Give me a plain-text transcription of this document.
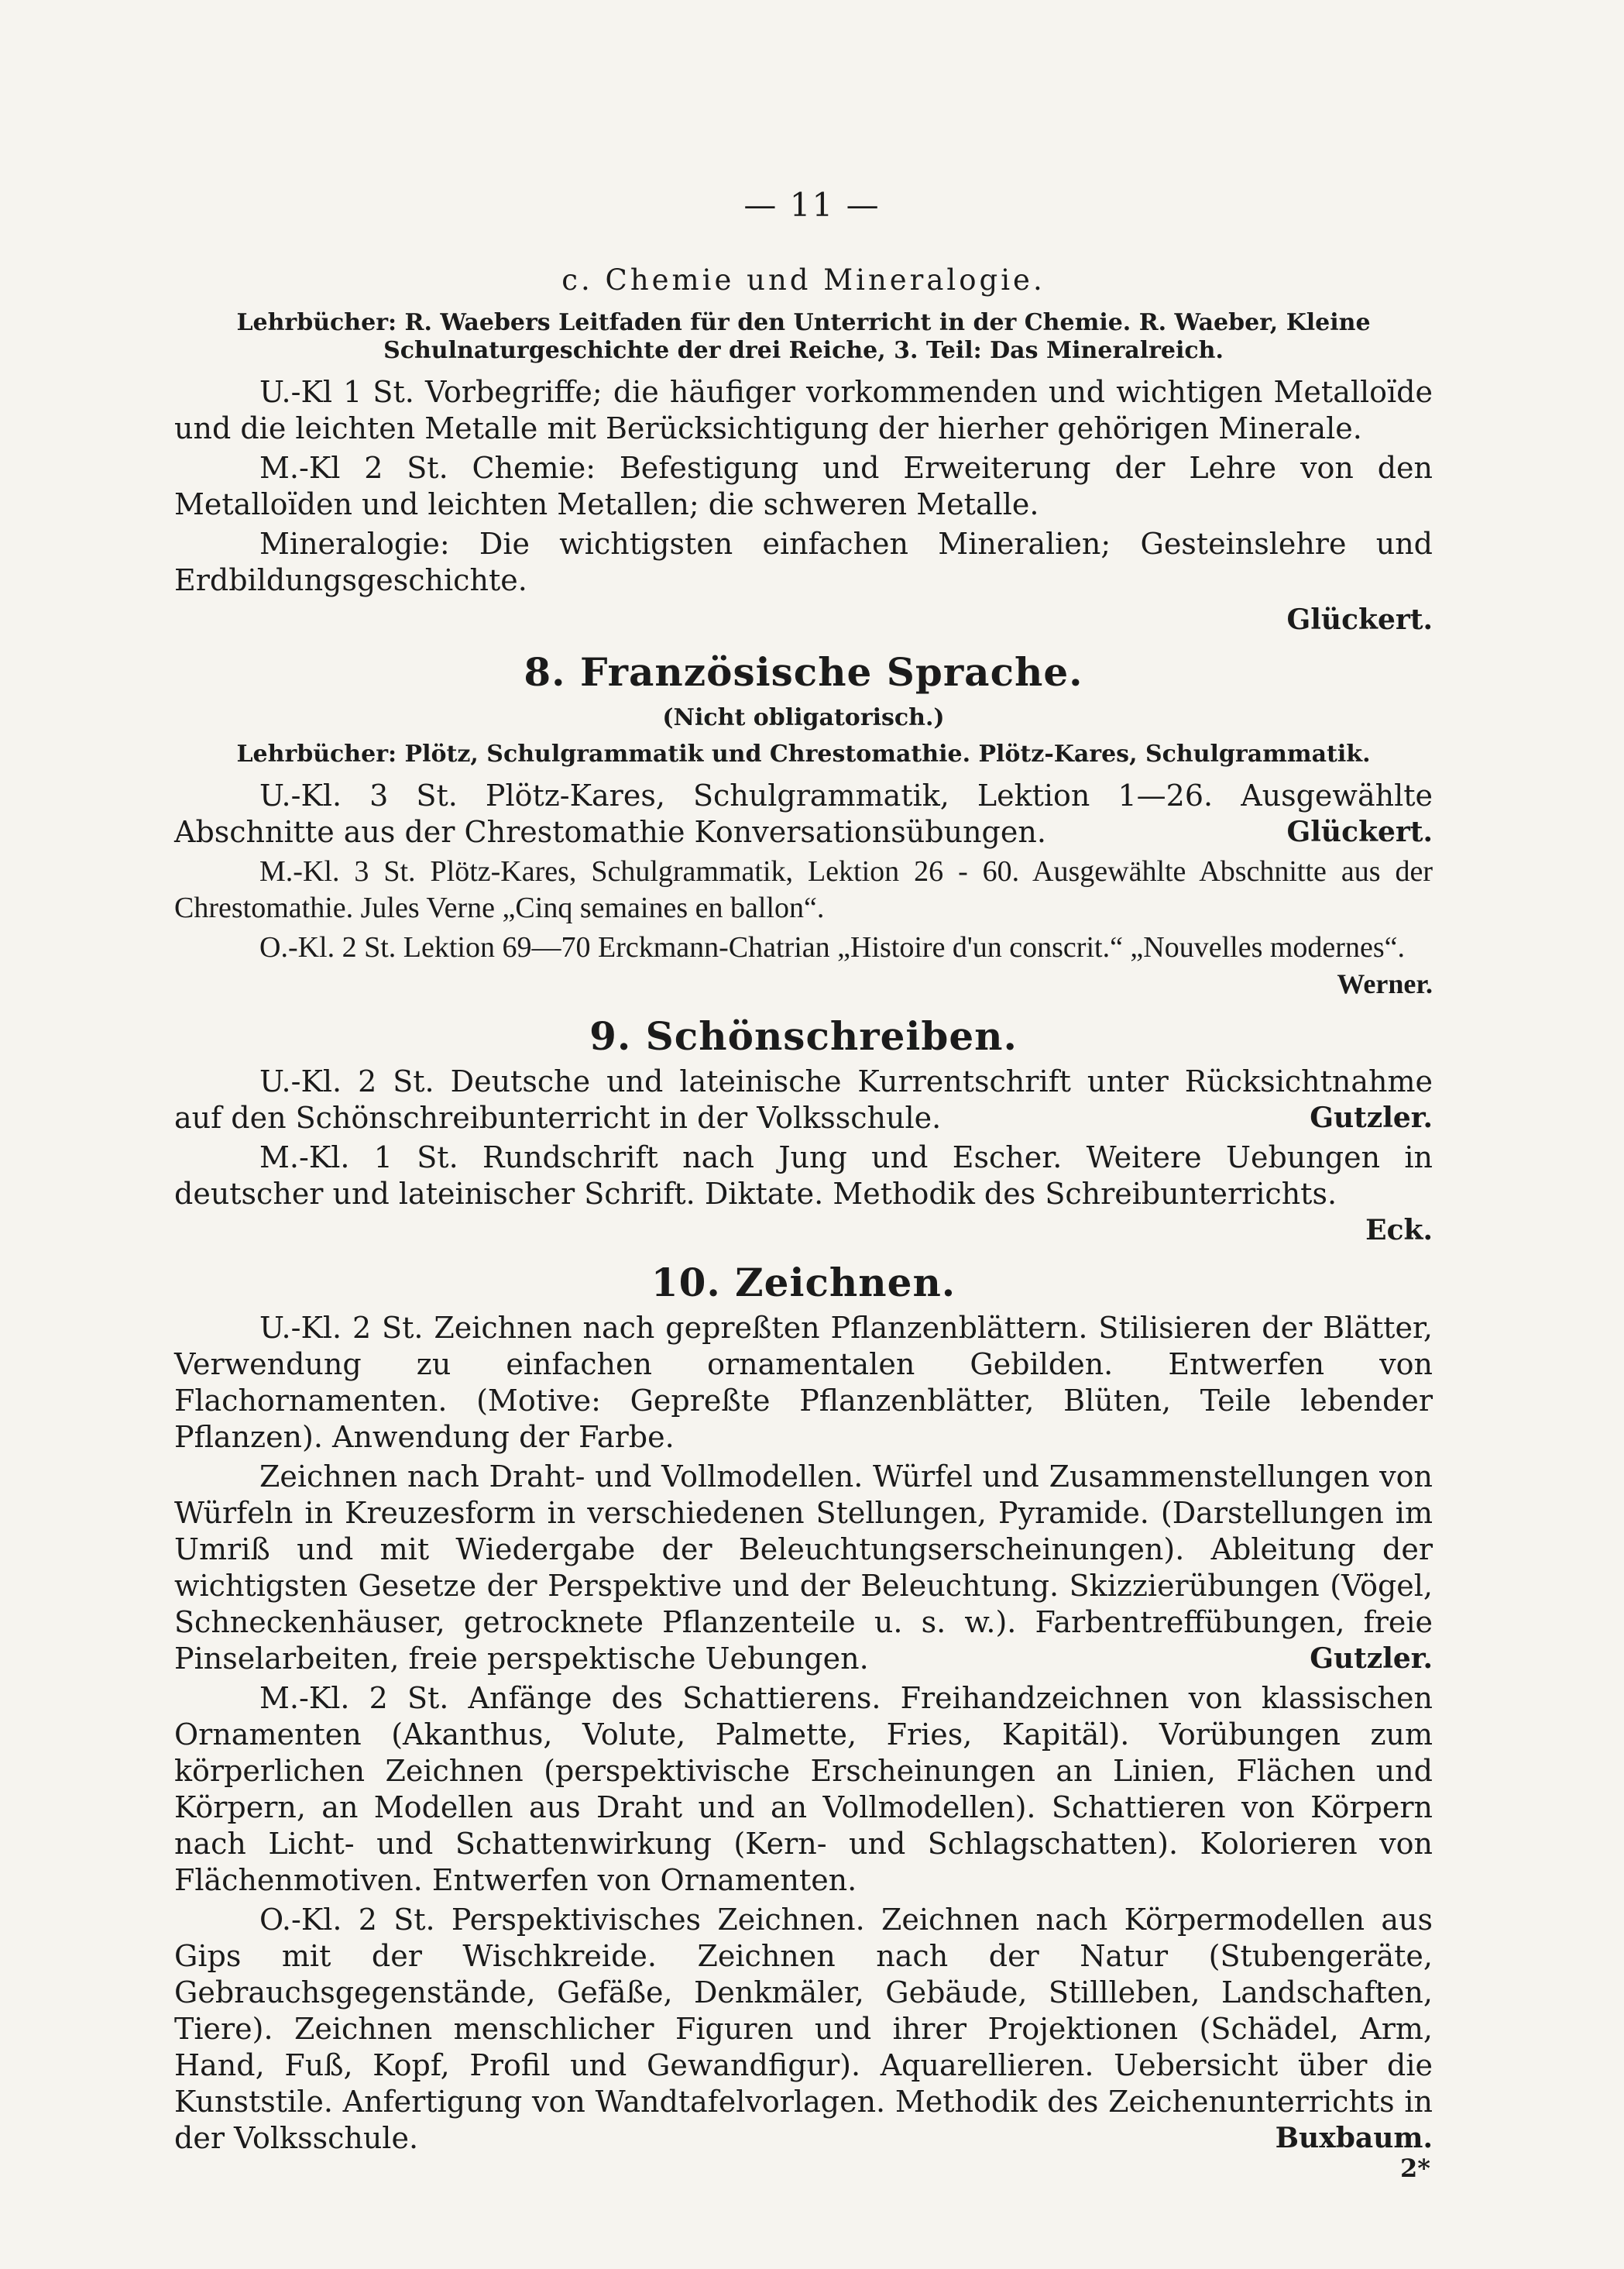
— 11 —
c. Chemie und Mineralogie.
Lehrbücher: R. Waebers Leitfaden für den Unterricht in der Chemie. R. Waeber, Kleine Schulnaturgeschichte der drei Reiche, 3. Teil: Das Mineralreich.

U.-Kl 1 St. Vorbegriffe; die häufiger vorkommenden und wichtigen Metalloïde und die leichten Metalle mit Berücksichtigung der hierher gehörigen Minerale.

M.-Kl 2 St. Chemie: Befestigung und Erweiterung der Lehre von den Metalloïden und leichten Metallen; die schweren Metalle.

Mineralogie: Die wichtigsten einfachen Mineralien; Gesteinslehre und Erdbildungsgeschichte.

Glückert.
8. Französische Sprache.
(Nicht obligatorisch.)
Lehrbücher: Plötz, Schulgrammatik und Chrestomathie. Plötz-Kares, Schulgrammatik.

U.-Kl. 3 St. Plötz-Kares, Schulgrammatik, Lektion 1—26. Ausgewählte Abschnitte aus der Chrestomathie Konversationsübungen.	Glückert.

M.-Kl. 3 St. Plötz-Kares, Schulgrammatik, Lektion 26 - 60. Ausgewählte Abschnitte aus der Chrestomathie. Jules Verne „Cinq semaines en ballon“.

O.-Kl. 2 St. Lektion 69—70 Erckmann-Chatrian „Histoire d'un conscrit.“ „Nouvelles modernes“.
Werner.

9. Schönschreiben.

U.-Kl. 2 St. Deutsche und lateinische Kurrentschrift unter Rücksichtnahme auf den Schönschreibunterricht in der Volksschule.	Gutzler.

M.-Kl. 1 St. Rundschrift nach Jung und Escher. Weitere Uebungen in deutscher und lateinischer Schrift. Diktate. Methodik des Schreibunterrichts.
Eck.

10. Zeichnen.

U.-Kl. 2 St. Zeichnen nach gepreßten Pflanzenblättern. Stilisieren der Blätter, Verwendung zu einfachen ornamentalen Gebilden. Entwerfen von Flachornamenten. (Motive: Gepreßte Pflanzenblätter, Blüten, Teile lebender Pflanzen). Anwendung der Farbe.

Zeichnen nach Draht- und Vollmodellen. Würfel und Zusammenstellungen von Würfeln in Kreuzesform in verschiedenen Stellungen, Pyramide. (Darstellungen im Umriß und mit Wiedergabe der Beleuchtungserscheinungen). Ableitung der wichtigsten Gesetze der Perspektive und der Beleuchtung. Skizzierübungen (Vögel, Schneckenhäuser, getrocknete Pflanzenteile u. s. w.). Farbentreffübungen, freie Pinselarbeiten, freie perspektische Uebungen.	Gutzler.

M.-Kl. 2 St. Anfänge des Schattierens. Freihandzeichnen von klassischen Ornamenten (Akanthus, Volute, Palmette, Fries, Kapitäl). Vorübungen zum körperlichen Zeichnen (perspektivische Erscheinungen an Linien, Flächen und Körpern, an Modellen aus Draht und an Vollmodellen). Schattieren von Körpern nach Licht- und Schattenwirkung (Kern- und Schlagschatten). Kolorieren von Flächenmotiven. Entwerfen von Ornamenten.

O.-Kl. 2 St. Perspektivisches Zeichnen. Zeichnen nach Körpermodellen aus Gips mit der Wischkreide. Zeichnen nach der Natur (Stubengeräte, Gebrauchsgegenstände, Gefäße, Denkmäler, Gebäude, Stillleben, Landschaften, Tiere). Zeichnen menschlicher Figuren und ihrer Projektionen (Schädel, Arm, Hand, Fuß, Kopf, Profil und Gewandfigur). Aquarellieren. Uebersicht über die Kunststile. Anfertigung von Wandtafelvorlagen. Methodik des Zeichenunterrichts in der Volksschule.	Buxbaum.

2*
